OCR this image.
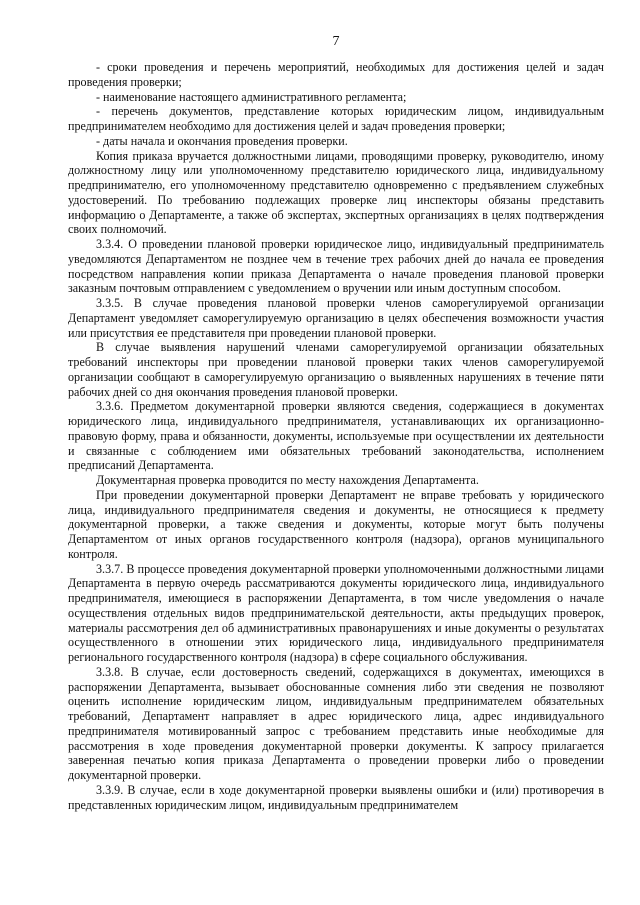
7

- сроки проведения и перечень мероприятий, необходимых для достижения целей и задач проведения проверки;

- наименование настоящего административного регламента;

- перечень документов, представление которых юридическим лицом, индивидуальным предпринимателем необходимо для достижения целей и задач проведения проверки;

- даты начала и окончания проведения проверки.

Копия приказа вручается должностными лицами, проводящими проверку, руководителю, иному должностному лицу или уполномоченному представителю юридического лица, индивидуальному предпринимателю, его уполномоченному представителю одновременно с предъявлением служебных удостоверений. По требованию подлежащих проверке лиц инспекторы обязаны представить информацию о Департаменте, а также об экспертах, экспертных организациях в целях подтверждения своих полномочий.

3.3.4. О проведении плановой проверки юридическое лицо, индивидуальный предприниматель уведомляются Департаментом не позднее чем в течение трех рабочих дней до начала ее проведения посредством направления копии приказа Департамента о начале проведения плановой проверки заказным почтовым отправлением с уведомлением о вручении или иным доступным способом.

3.3.5. В случае проведения плановой проверки членов саморегулируемой организации Департамент уведомляет саморегулируемую организацию в целях обеспечения возможности участия или присутствия ее представителя при проведении плановой проверки.

В случае выявления нарушений членами саморегулируемой организации обязательных требований инспекторы при проведении плановой проверки таких членов саморегулируемой организации сообщают в саморегулируемую организацию о выявленных нарушениях в течение пяти рабочих дней со дня окончания проведения плановой проверки.

3.3.6. Предметом документарной проверки являются сведения, содержащиеся в документах юридического лица, индивидуального предпринимателя, устанавливающих их организационно-правовую форму, права и обязанности, документы, используемые при осуществлении их деятельности и связанные с соблюдением ими обязательных требований законодательства, исполнением предписаний Департамента.

Документарная проверка проводится по месту нахождения Департамента.

При проведении документарной проверки Департамент не вправе требовать у юридического лица, индивидуального предпринимателя сведения и документы, не относящиеся к предмету документарной проверки, а также сведения и документы, которые могут быть получены Департаментом от иных органов государственного контроля (надзора), органов муниципального контроля.

3.3.7. В процессе проведения документарной проверки уполномоченными должностными лицами Департамента в первую очередь рассматриваются документы юридического лица, индивидуального предпринимателя, имеющиеся в распоряжении Департамента, в том числе уведомления о начале осуществления отдельных видов предпринимательской деятельности, акты предыдущих проверок, материалы рассмотрения дел об административных правонарушениях и иные документы о результатах осуществленного в отношении этих юридического лица, индивидуального предпринимателя регионального государственного контроля (надзора) в сфере социального обслуживания.

3.3.8. В случае, если достоверность сведений, содержащихся в документах, имеющихся в распоряжении Департамента, вызывает обоснованные сомнения либо эти сведения не позволяют оценить исполнение юридическим лицом, индивидуальным предпринимателем обязательных требований, Департамент направляет в адрес юридического лица, адрес индивидуального предпринимателя мотивированный запрос с требованием представить иные необходимые для рассмотрения в ходе проведения документарной проверки документы. К запросу прилагается заверенная печатью копия приказа Департамента о проведении проверки либо о проведении документарной проверки.

3.3.9. В случае, если в ходе документарной проверки выявлены ошибки и (или) противоречия в представленных юридическим лицом, индивидуальным предпринимателем
